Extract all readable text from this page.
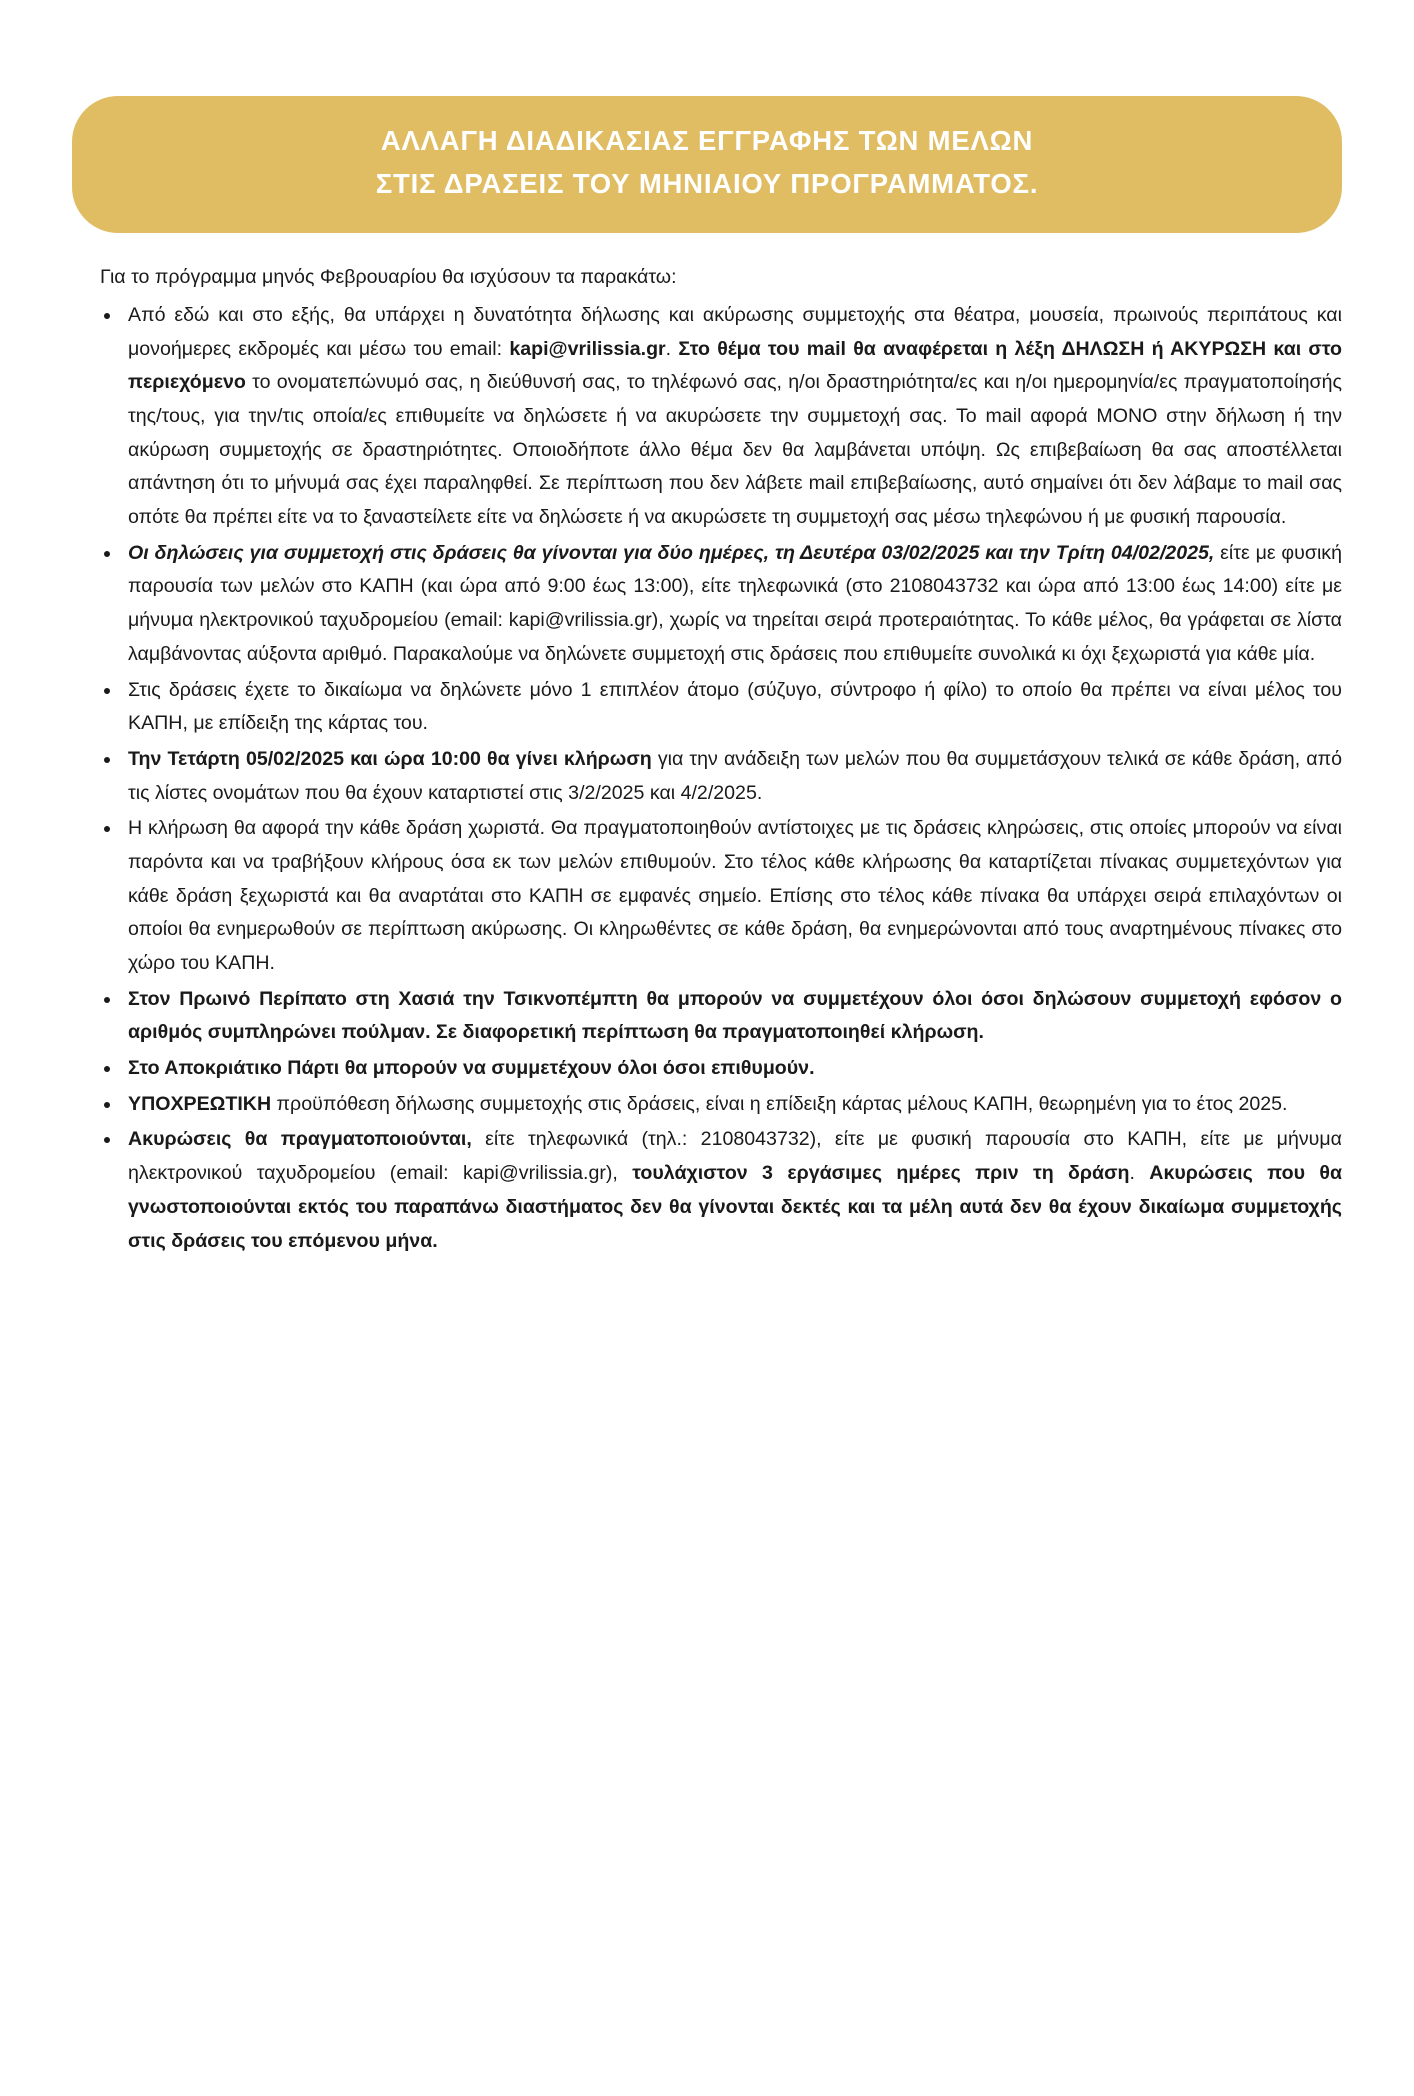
ΑΛΛΑΓΗ ΔΙΑΔΙΚΑΣΙΑΣ ΕΓΓΡΑΦΗΣ ΤΩΝ ΜΕΛΩΝ
ΣΤΙΣ ΔΡΑΣΕΙΣ ΤΟΥ ΜΗΝΙΑΙΟΥ ΠΡΟΓΡΑΜΜΑΤΟΣ.

Για το πρόγραμμα μηνός Φεβρουαρίου θα ισχύσουν τα παρακάτω:

Από εδώ και στο εξής, θα υπάρχει η δυνατότητα δήλωσης και ακύρωσης συμμετοχής στα θέατρα, μουσεία, πρωινούς περιπάτους και μονοήμερες εκδρομές και μέσω του email: kapi@vrilissia.gr. Στο θέμα του mail θα αναφέρεται η λέξη ΔΗΛΩΣΗ ή ΑΚΥΡΩΣΗ και στο περιεχόμενο το ονοματεπώνυμό σας, η διεύθυνσή σας, το τηλέφωνό σας, η/οι δραστηριότητα/ες και η/οι ημερομηνία/ες πραγματοποίησής της/τους, για την/τις οποία/ες επιθυμείτε να δηλώσετε ή να ακυρώσετε την συμμετοχή σας. Το mail αφορά ΜΟΝΟ στην δήλωση ή την ακύρωση συμμετοχής σε δραστηριότητες. Οποιοδήποτε άλλο θέμα δεν θα λαμβάνεται υπόψη. Ως επιβεβαίωση θα σας αποστέλλεται απάντηση ότι το μήνυμά σας έχει παραληφθεί. Σε περίπτωση που δεν λάβετε mail επιβεβαίωσης, αυτό σημαίνει ότι δεν λάβαμε το mail σας οπότε θα πρέπει είτε να το ξαναστείλετε είτε να δηλώσετε ή να ακυρώσετε τη συμμετοχή σας μέσω τηλεφώνου ή με φυσική παρουσία.

Οι δηλώσεις για συμμετοχή στις δράσεις θα γίνονται για δύο ημέρες, τη Δευτέρα 03/02/2025 και την Τρίτη 04/02/2025, είτε με φυσική παρουσία των μελών στο ΚΑΠΗ (και ώρα από 9:00 έως 13:00), είτε τηλεφωνικά (στο 2108043732 και ώρα από 13:00 έως 14:00) είτε με μήνυμα ηλεκτρονικού ταχυδρομείου (email: kapi@vrilissia.gr), χωρίς να τηρείται σειρά προτεραιότητας. Το κάθε μέλος, θα γράφεται σε λίστα λαμβάνοντας αύξοντα αριθμό. Παρακαλούμε να δηλώνετε συμμετοχή στις δράσεις που επιθυμείτε συνολικά κι όχι ξεχωριστά για κάθε μία.

Στις δράσεις έχετε το δικαίωμα να δηλώνετε μόνο 1 επιπλέον άτομο (σύζυγο, σύντροφο ή φίλο) το οποίο θα πρέπει να είναι μέλος του ΚΑΠΗ, με επίδειξη της κάρτας του.

Την Τετάρτη 05/02/2025 και ώρα 10:00 θα γίνει κλήρωση για την ανάδειξη των μελών που θα συμμετάσχουν τελικά σε κάθε δράση, από τις λίστες ονομάτων που θα έχουν καταρτιστεί στις 3/2/2025 και 4/2/2025.

Η κλήρωση θα αφορά την κάθε δράση χωριστά. Θα πραγματοποιηθούν αντίστοιχες με τις δράσεις κληρώσεις, στις οποίες μπορούν να είναι παρόντα και να τραβήξουν κλήρους όσα εκ των μελών επιθυμούν. Στο τέλος κάθε κλήρωσης θα καταρτίζεται πίνακας συμμετεχόντων για κάθε δράση ξεχωριστά και θα αναρτάται στο ΚΑΠΗ σε εμφανές σημείο. Επίσης στο τέλος κάθε πίνακα θα υπάρχει σειρά επιλαχόντων οι οποίοι θα ενημερωθούν σε περίπτωση ακύρωσης. Οι κληρωθέντες σε κάθε δράση, θα ενημερώνονται από τους αναρτημένους πίνακες στο χώρο του ΚΑΠΗ.

Στον Πρωινό Περίπατο στη Χασιά την Τσικνοπέμπτη θα μπορούν να συμμετέχουν όλοι όσοι δηλώσουν συμμετοχή εφόσον ο αριθμός συμπληρώνει πούλμαν. Σε διαφορετική περίπτωση θα πραγματοποιηθεί κλήρωση.

Στο Αποκριάτικο Πάρτι θα μπορούν να συμμετέχουν όλοι όσοι επιθυμούν.

ΥΠΟΧΡΕΩΤΙΚΗ προϋπόθεση δήλωσης συμμετοχής στις δράσεις, είναι η επίδειξη κάρτας μέλους ΚΑΠΗ, θεωρημένη για το έτος 2025.

Ακυρώσεις θα πραγματοποιούνται, είτε τηλεφωνικά (τηλ.: 2108043732), είτε με φυσική παρουσία στο ΚΑΠΗ, είτε με μήνυμα ηλεκτρονικού ταχυδρομείου (email: kapi@vrilissia.gr), τουλάχιστον 3 εργάσιμες ημέρες πριν τη δράση. Ακυρώσεις που θα γνωστοποιούνται εκτός του παραπάνω διαστήματος δεν θα γίνονται δεκτές και τα μέλη αυτά δεν θα έχουν δικαίωμα συμμετοχής στις δράσεις του επόμενου μήνα.
